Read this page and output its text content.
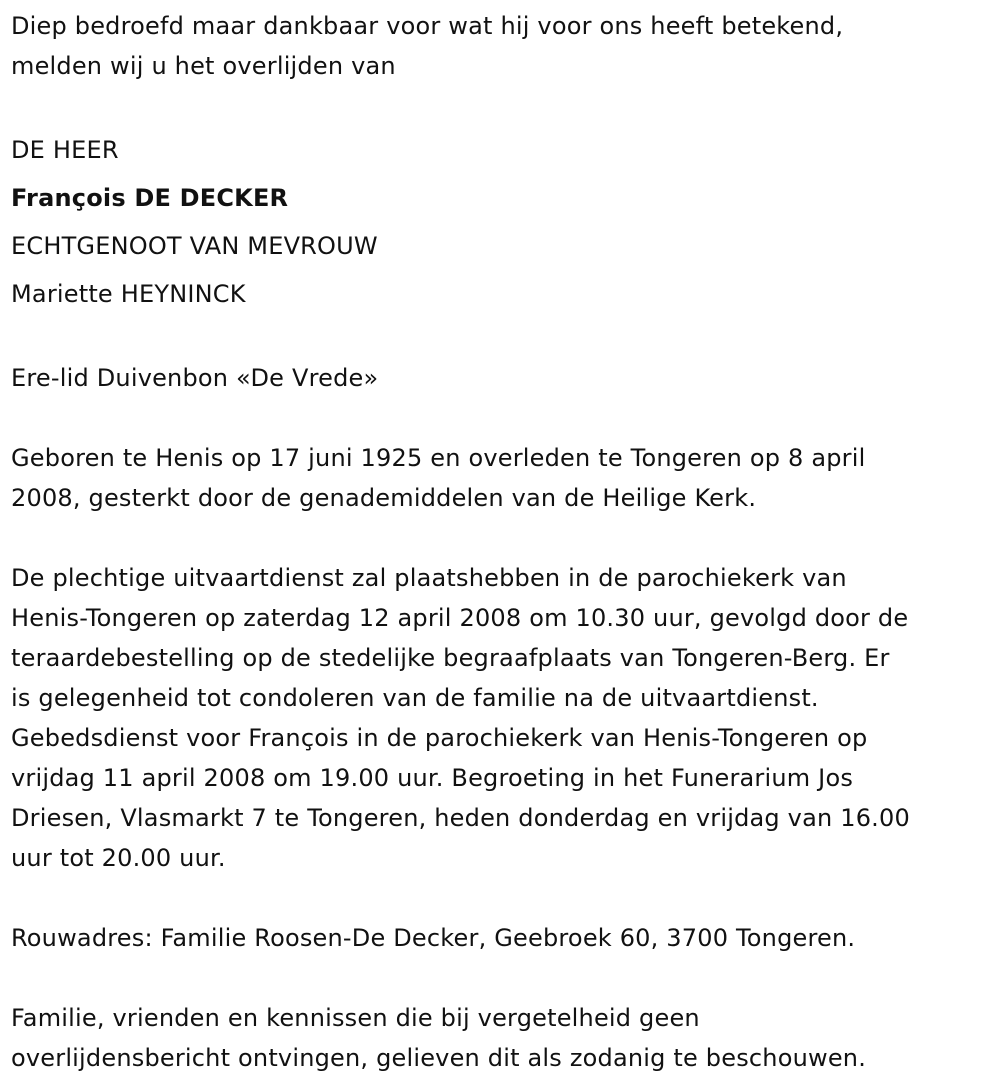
Diep bedroefd maar dankbaar voor wat hij voor ons heeft betekend,
melden wij u het overlijden van
DE HEER
François DE DECKER
ECHTGENOOT VAN MEVROUW
Mariette HEYNINCK
Ere-lid Duivenbon «De Vrede»
Geboren te Henis op 17 juni 1925 en overleden te Tongeren op 8 april
2008, gesterkt door de genademiddelen van de Heilige Kerk.
De plechtige uitvaartdienst zal plaatshebben in de parochiekerk van
Henis-Tongeren op zaterdag 12 april 2008 om 10.30 uur, gevolgd door de
teraardebestelling op de stedelijke begraafplaats van Tongeren-Berg. Er
is gelegenheid tot condoleren van de familie na de uitvaartdienst.
Gebedsdienst voor François in de parochiekerk van Henis-Tongeren op
vrijdag 11 april 2008 om 19.00 uur. Begroeting in het Funerarium Jos
Driesen, Vlasmarkt 7 te Tongeren, heden donderdag en vrijdag van 16.00
uur tot 20.00 uur.
Rouwadres: Familie Roosen-De Decker, Geebroek 60, 3700 Tongeren.
Familie, vrienden en kennissen die bij vergetelheid geen
overlijdensbericht ontvingen, gelieven dit als zodanig te beschouwen.
